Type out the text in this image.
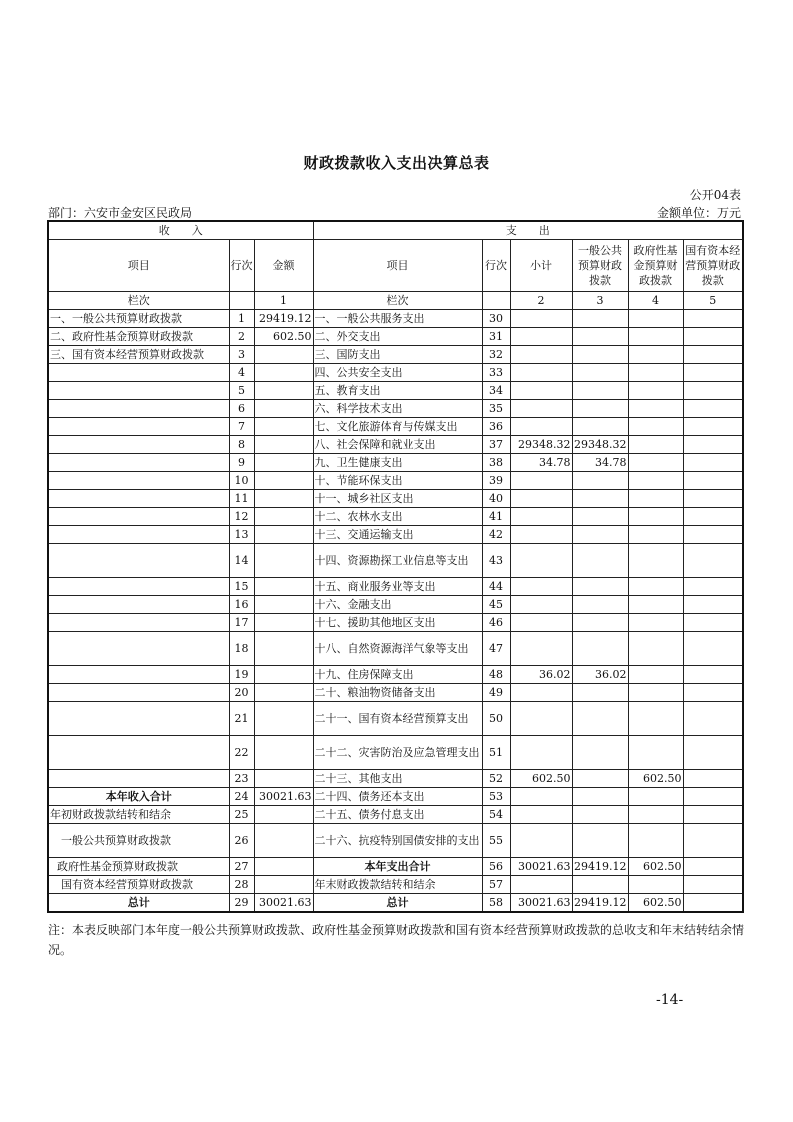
财政拨款收入支出决算总表
公开04表
部门：六安市金安区民政局	金额单位：万元
收　　入			支　　出					
项目	行次	金额	项目	行次	小计	一般公共预算财政拨款	政府性基金预算财政拨款	国有资本经营预算财政拨款
栏次		1	栏次		2	3	4	5
一、一般公共预算财政拨款	1	29419.12	一、一般公共服务支出	30				
二、政府性基金预算财政拨款	2	602.50	二、外交支出	31				
三、国有资本经营预算财政拨款	3		三、国防支出	32				
	4		四、公共安全支出	33				
	5		五、教育支出	34				
	6		六、科学技术支出	35				
	7		七、文化旅游体育与传媒支出	36				
	8		八、社会保障和就业支出	37	29348.32	29348.32		
	9		九、卫生健康支出	38	34.78	34.78		
	10		十、节能环保支出	39				
	11		十一、城乡社区支出	40				
	12		十二、农林水支出	41				
	13		十三、交通运输支出	42				
	14		十四、资源勘探工业信息等支出	43				
	15		十五、商业服务业等支出	44				
	16		十六、金融支出	45				
	17		十七、援助其他地区支出	46				
	18		十八、自然资源海洋气象等支出	47				
	19		十九、住房保障支出	48	36.02	36.02		
	20		二十、粮油物资储备支出	49				
	21		二十一、国有资本经营预算支出	50				
	22		二十二、灾害防治及应急管理支出	51				
	23		二十三、其他支出	52	602.50		602.50	
本年收入合计	24	30021.63	二十四、债务还本支出	53				
年初财政拨款结转和结余	25		二十五、债务付息支出	54				
一般公共预算财政拨款	26		二十六、抗疫特别国债安排的支出	55				
政府性基金预算财政拨款	27		本年支出合计	56	30021.63	29419.12	602.50	
国有资本经营预算财政拨款	28		年末财政拨款结转和结余	57				
总计	29	30021.63	总计	58	30021.63	29419.12	602.50	
注：本表反映部门本年度一般公共预算财政拨款、政府性基金预算财政拨款和国有资本经营预算财政拨款的总收支和年末结转结余情况。
-14-
